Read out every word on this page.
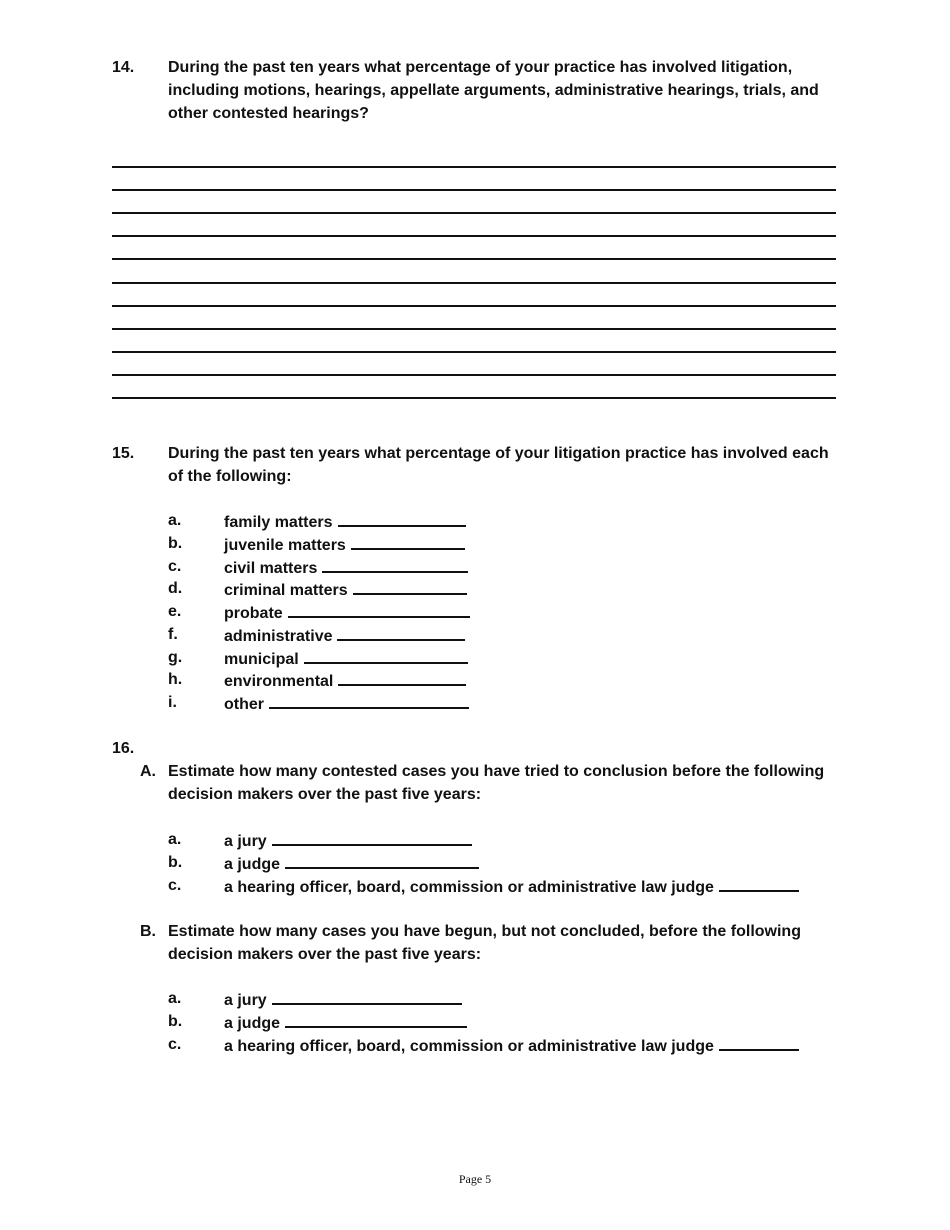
14. During the past ten years what percentage of your practice has involved litigation, including motions, hearings, appellate arguments, administrative hearings, trials, and other contested hearings?
15. During the past ten years what percentage of your litigation practice has involved each of the following:
a.	family matters
b.	juvenile matters
c.	civil matters
d.	criminal matters
e.	probate
f.	administrative
g.	municipal
h.	environmental
i.	other
16.
A. Estimate how many contested cases you have tried to conclusion before the following decision makers over the past five years:
a.	a jury
b.	a judge
c.	a hearing officer, board, commission or administrative law judge
B. Estimate how many cases you have begun, but not concluded, before the following decision makers over the past five years:
a.	a jury
b.	a judge
c.	a hearing officer, board, commission or administrative law judge
Page 5
